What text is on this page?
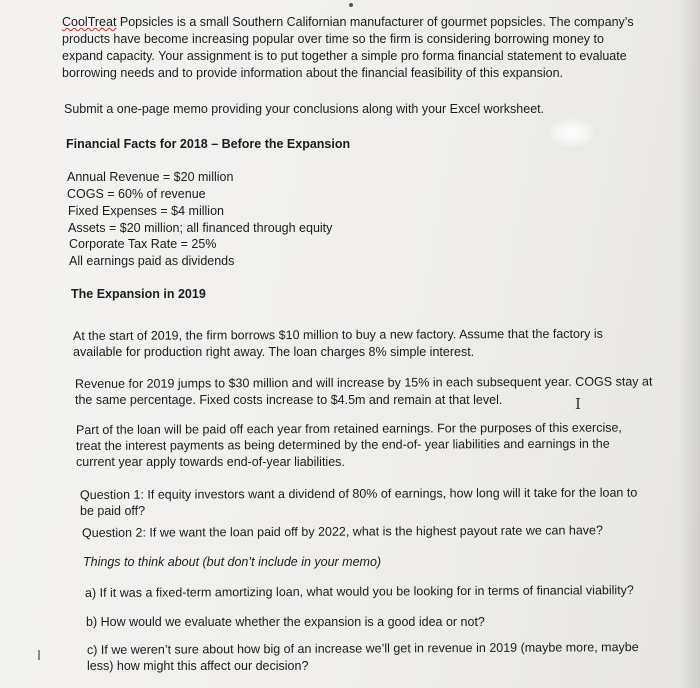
CoolTreat Popsicles is a small Southern Californian manufacturer of gourmet popsicles. The company’s
products have become increasing popular over time so the firm is considering borrowing money to
expand capacity. Your assignment is to put together a simple pro forma financial statement to evaluate
borrowing needs and to provide information about the financial feasibility of this expansion.
Submit a one-page memo providing your conclusions along with your Excel worksheet.
Financial Facts for 2018 – Before the Expansion
Annual Revenue = $20 million
COGS = 60% of revenue
Fixed Expenses = $4 million
Assets = $20 million; all financed through equity
Corporate Tax Rate = 25%
All earnings paid as dividends
The Expansion in 2019
At the start of 2019, the firm borrows $10 million to buy a new factory. Assume that the factory is
available for production right away. The loan charges 8% simple interest.
Revenue for 2019 jumps to $30 million and will increase by 15% in each subsequent year. COGS stay at
the same percentage. Fixed costs increase to $4.5m and remain at that level.	I
Part of the loan will be paid off each year from retained earnings. For the purposes of this exercise,
treat the interest payments as being determined by the end-of- year liabilities and earnings in the
current year apply towards end-of-year liabilities.
Question 1: If equity investors want a dividend of 80% of earnings, how long will it take for the loan to
be paid off?
Question 2: If we want the loan paid off by 2022, what is the highest payout rate we can have?
Things to think about (but don’t include in your memo)
a) If it was a fixed-term amortizing loan, what would you be looking for in terms of financial viability?
b) How would we evaluate whether the expansion is a good idea or not?
c) If we weren’t sure about how big of an increase we’ll get in revenue in 2019 (maybe more, maybe
less) how might this affect our decision?
